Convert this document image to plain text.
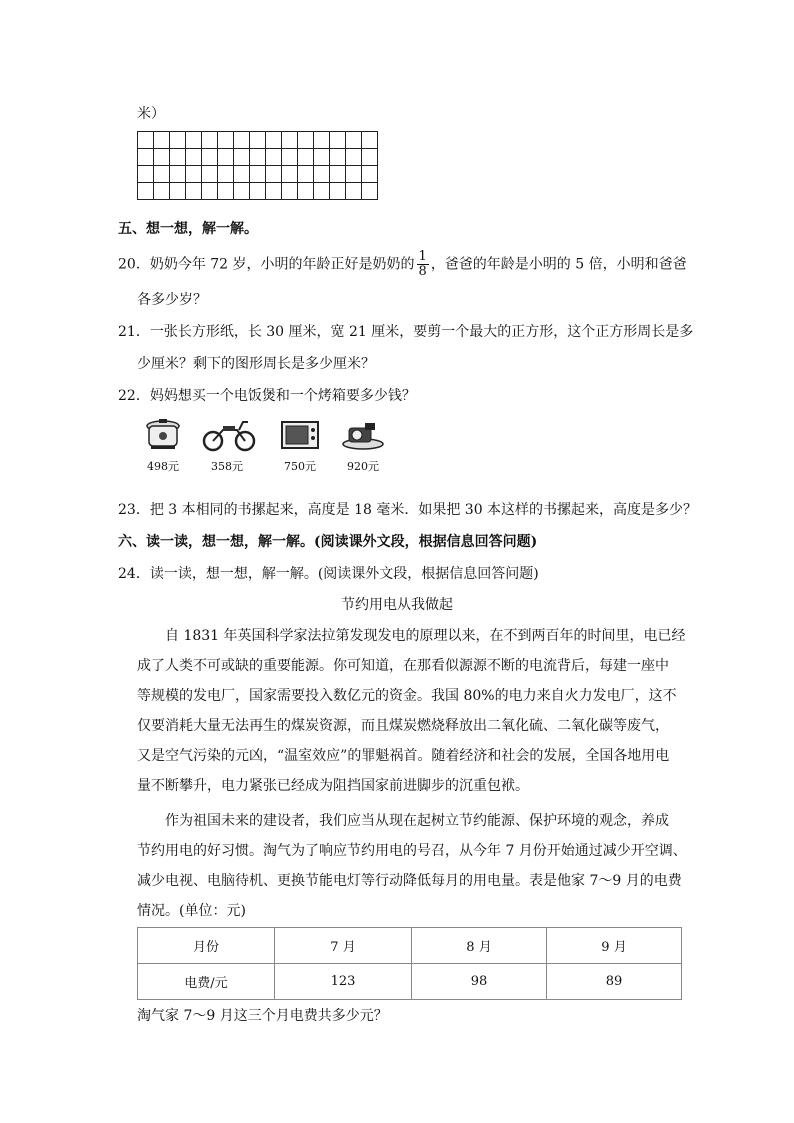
米）

五、想一想，解一解。
20．奶奶今年 72 岁，小明的年龄正好是奶奶的 $\frac{1}{8}$ ，爸爸的年龄是小明的 5 倍，小明和爸爸
各多少岁？
21．一张长方形纸，长 30 厘米，宽 21 厘米，要剪一个最大的正方形，这个正方形周长是多
少厘米？剩下的图形周长是多少厘米？
22．妈妈想买一个电饭煲和一个烤箱要多少钱？
498元	358元	750元	920元
23．把 3 本相同的书摞起来，高度是 18 毫米．如果把 30 本这样的书摞起来，高度是多少？
六、读一读，想一想，解一解。(阅读课外文段，根据信息回答问题)
24．读一读，想一想，解一解。(阅读课外文段，根据信息回答问题)
节约用电从我做起
自 1831 年英国科学家法拉第发现发电的原理以来，在不到两百年的时间里，电已经
成了人类不可或缺的重要能源。你可知道，在那看似源源不断的电流背后，每建一座中
等规模的发电厂，国家需要投入数亿元的资金。我国 80%的电力来自火力发电厂，这不
仅要消耗大量无法再生的煤炭资源，而且煤炭燃烧释放出二氧化硫、二氧化碳等废气，
又是空气污染的元凶，“温室效应”的罪魁祸首。随着经济和社会的发展，全国各地用电
量不断攀升，电力紧张已经成为阻挡国家前进脚步的沉重包袱。
作为祖国未来的建设者，我们应当从现在起树立节约能源、保护环境的观念，养成
节约用电的好习惯。淘气为了响应节约用电的号召，从今年 7 月份开始通过减少开空调、
减少电视、电脑待机、更换节能电灯等行动降低每月的用电量。表是他家 7～9 月的电费
情况。(单位：元)
月份	7 月	8 月	9 月
电费/元	123	98	89
淘气家 7～9 月这三个月电费共多少元？
